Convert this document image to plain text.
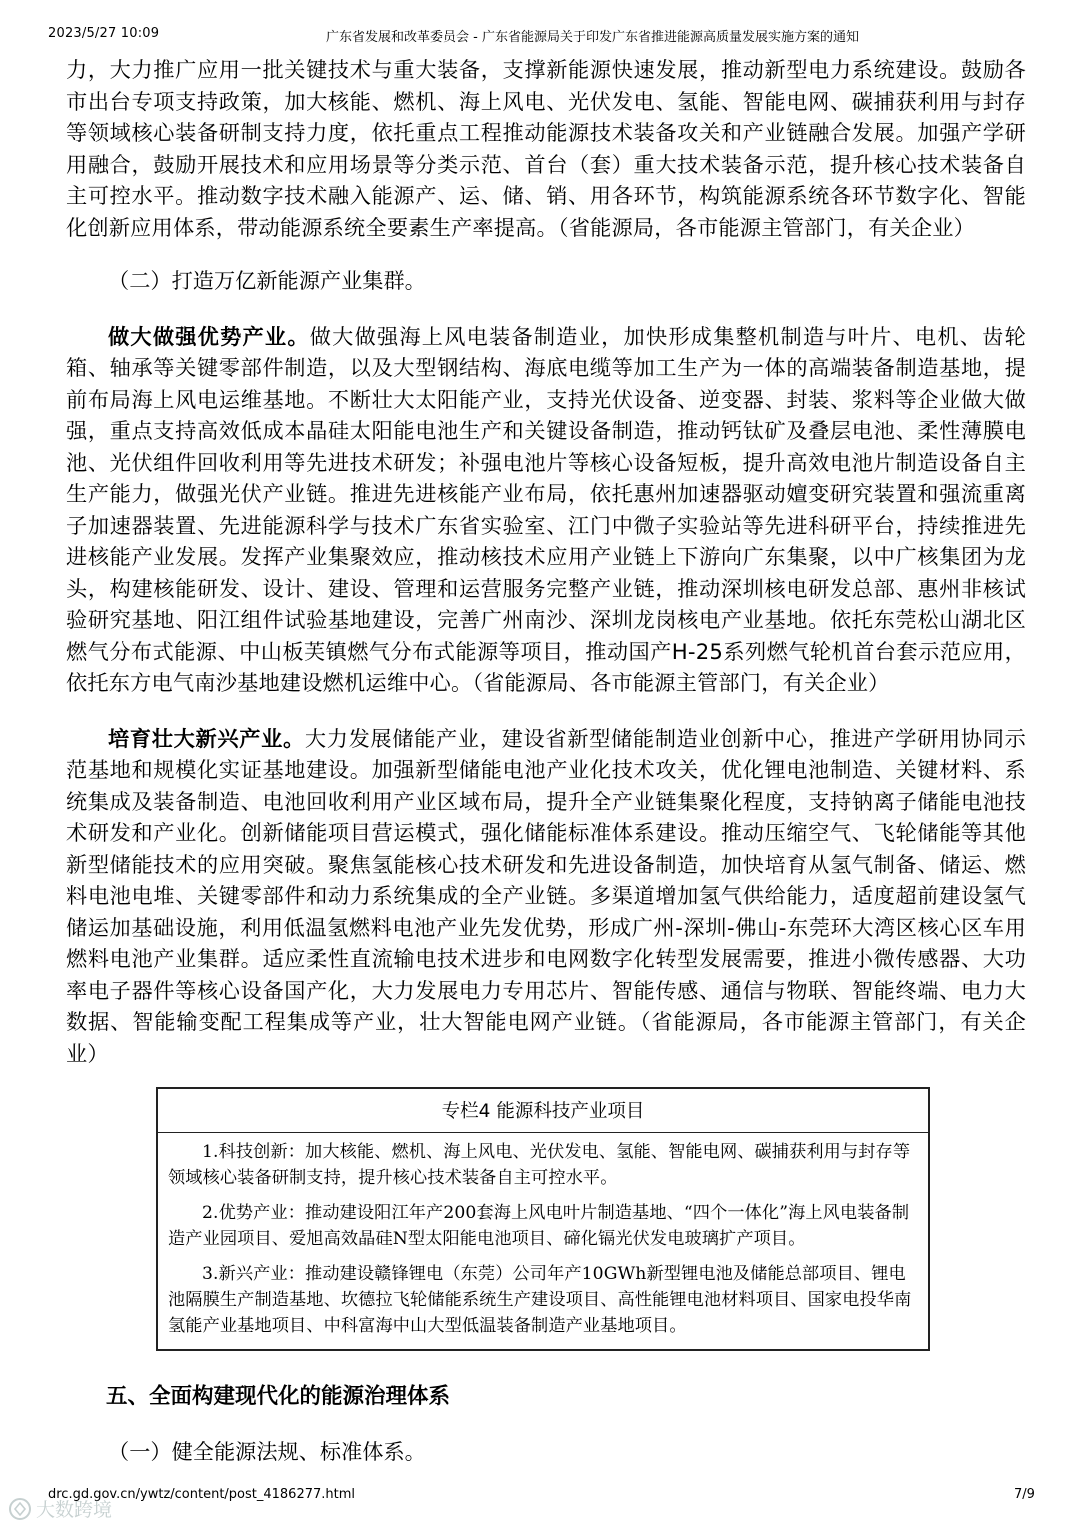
2023/5/27 10:09	广东省发展和改革委员会 - 广东省能源局关于印发广东省推进能源高质量发展实施方案的通知

力，大力推广应用一批关键技术与重大装备，支撑新能源快速发展，推动新型电力系统建设。鼓励各市出台专项支持政策，加大核能、燃机、海上风电、光伏发电、氢能、智能电网、碳捕获利用与封存等领域核心装备研制支持力度，依托重点工程推动能源技术装备攻关和产业链融合发展。加强产学研用融合，鼓励开展技术和应用场景等分类示范、首台（套）重大技术装备示范，提升核心技术装备自主可控水平。推动数字技术融入能源产、运、储、销、用各环节，构筑能源系统各环节数字化、智能化创新应用体系，带动能源系统全要素生产率提高。（省能源局，各市能源主管部门，有关企业）

（二）打造万亿新能源产业集群。

做大做强优势产业。做大做强海上风电装备制造业，加快形成集整机制造与叶片、电机、齿轮箱、轴承等关键零部件制造，以及大型钢结构、海底电缆等加工生产为一体的高端装备制造基地，提前布局海上风电运维基地。不断壮大太阳能产业，支持光伏设备、逆变器、封装、浆料等企业做大做强，重点支持高效低成本晶硅太阳能电池生产和关键设备制造，推动钙钛矿及叠层电池、柔性薄膜电池、光伏组件回收利用等先进技术研发；补强电池片等核心设备短板，提升高效电池片制造设备自主生产能力，做强光伏产业链。推进先进核能产业布局，依托惠州加速器驱动嬗变研究装置和强流重离子加速器装置、先进能源科学与技术广东省实验室、江门中微子实验站等先进科研平台，持续推进先进核能产业发展。发挥产业集聚效应，推动核技术应用产业链上下游向广东集聚，以中广核集团为龙头，构建核能研发、设计、建设、管理和运营服务完整产业链，推动深圳核电研发总部、惠州非核试验研究基地、阳江组件试验基地建设，完善广州南沙、深圳龙岗核电产业基地。依托东莞松山湖北区燃气分布式能源、中山板芙镇燃气分布式能源等项目，推动国产H-25系列燃气轮机首台套示范应用，依托东方电气南沙基地建设燃机运维中心。（省能源局、各市能源主管部门，有关企业）

培育壮大新兴产业。大力发展储能产业，建设省新型储能制造业创新中心，推进产学研用协同示范基地和规模化实证基地建设。加强新型储能电池产业化技术攻关，优化锂电池制造、关键材料、系统集成及装备制造、电池回收利用产业区域布局，提升全产业链集聚化程度，支持钠离子储能电池技术研发和产业化。创新储能项目营运模式，强化储能标准体系建设。推动压缩空气、飞轮储能等其他新型储能技术的应用突破。聚焦氢能核心技术研发和先进设备制造，加快培育从氢气制备、储运、燃料电池电堆、关键零部件和动力系统集成的全产业链。多渠道增加氢气供给能力，适度超前建设氢气储运加基础设施，利用低温氢燃料电池产业先发优势，形成广州-深圳-佛山-东莞环大湾区核心区车用燃料电池产业集群。适应柔性直流输电技术进步和电网数字化转型发展需要，推进小微传感器、大功率电子器件等核心设备国产化，大力发展电力专用芯片、智能传感、通信与物联、智能终端、电力大数据、智能输变配工程集成等产业，壮大智能电网产业链。（省能源局，各市能源主管部门，有关企业）

专栏4 能源科技产业项目

1.科技创新：加大核能、燃机、海上风电、光伏发电、氢能、智能电网、碳捕获利用与封存等领域核心装备研制支持，提升核心技术装备自主可控水平。

2.优势产业：推动建设阳江年产200套海上风电叶片制造基地、“四个一体化”海上风电装备制造产业园项目、爱旭高效晶硅N型太阳能电池项目、碲化镉光伏发电玻璃扩产项目。

3.新兴产业：推动建设赣锋锂电（东莞）公司年产10GWh新型锂电池及储能总部项目、锂电池隔膜生产制造基地、坎德拉飞轮储能系统生产建设项目、高性能锂电池材料项目、国家电投华南氢能产业基地项目、中科富海中山大型低温装备制造产业基地项目。

五、全面构建现代化的能源治理体系
（一）健全能源法规、标准体系。
drc.gd.gov.cn/ywtz/content/post_4186277.html	7/9
大数跨境
